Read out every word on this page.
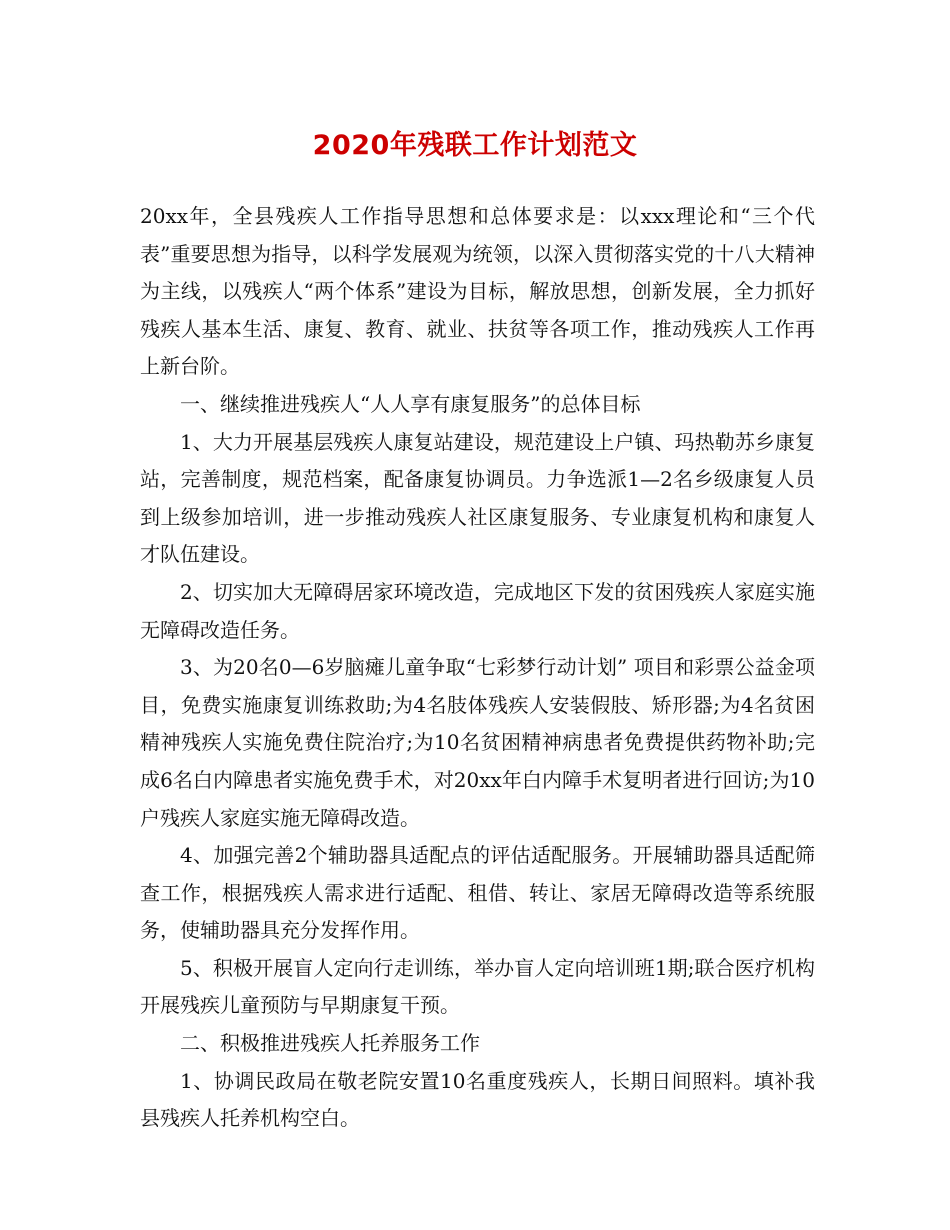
2020年残联工作计划范文

20xx年，全县残疾人工作指导思想和总体要求是：以xxx理论和“三个代表”重要思想为指导，以科学发展观为统领，以深入贯彻落实党的十八大精神为主线，以残疾人“两个体系”建设为目标，解放思想，创新发展，全力抓好残疾人基本生活、康复、教育、就业、扶贫等各项工作，推动残疾人工作再上新台阶。

一、继续推进残疾人“人人享有康复服务”的总体目标

1、大力开展基层残疾人康复站建设，规范建设上户镇、玛热勒苏乡康复站，完善制度，规范档案，配备康复协调员。力争选派1—2名乡级康复人员到上级参加培训，进一步推动残疾人社区康复服务、专业康复机构和康复人才队伍建设。

2、切实加大无障碍居家环境改造，完成地区下发的贫困残疾人家庭实施无障碍改造任务。

3、为20名0—6岁脑瘫儿童争取“七彩梦行动计划” 项目和彩票公益金项目，免费实施康复训练救助;为4名肢体残疾人安装假肢、矫形器;为4名贫困精神残疾人实施免费住院治疗;为10名贫困精神病患者免费提供药物补助;完成6名白内障患者实施免费手术，对20xx年白内障手术复明者进行回访;为10户残疾人家庭实施无障碍改造。

4、加强完善2个辅助器具适配点的评估适配服务。开展辅助器具适配筛查工作，根据残疾人需求进行适配、租借、转让、家居无障碍改造等系统服务，使辅助器具充分发挥作用。

5、积极开展盲人定向行走训练，举办盲人定向培训班1期;联合医疗机构开展残疾儿童预防与早期康复干预。

二、积极推进残疾人托养服务工作

1、协调民政局在敬老院安置10名重度残疾人，长期日间照料。填补我县残疾人托养机构空白。
